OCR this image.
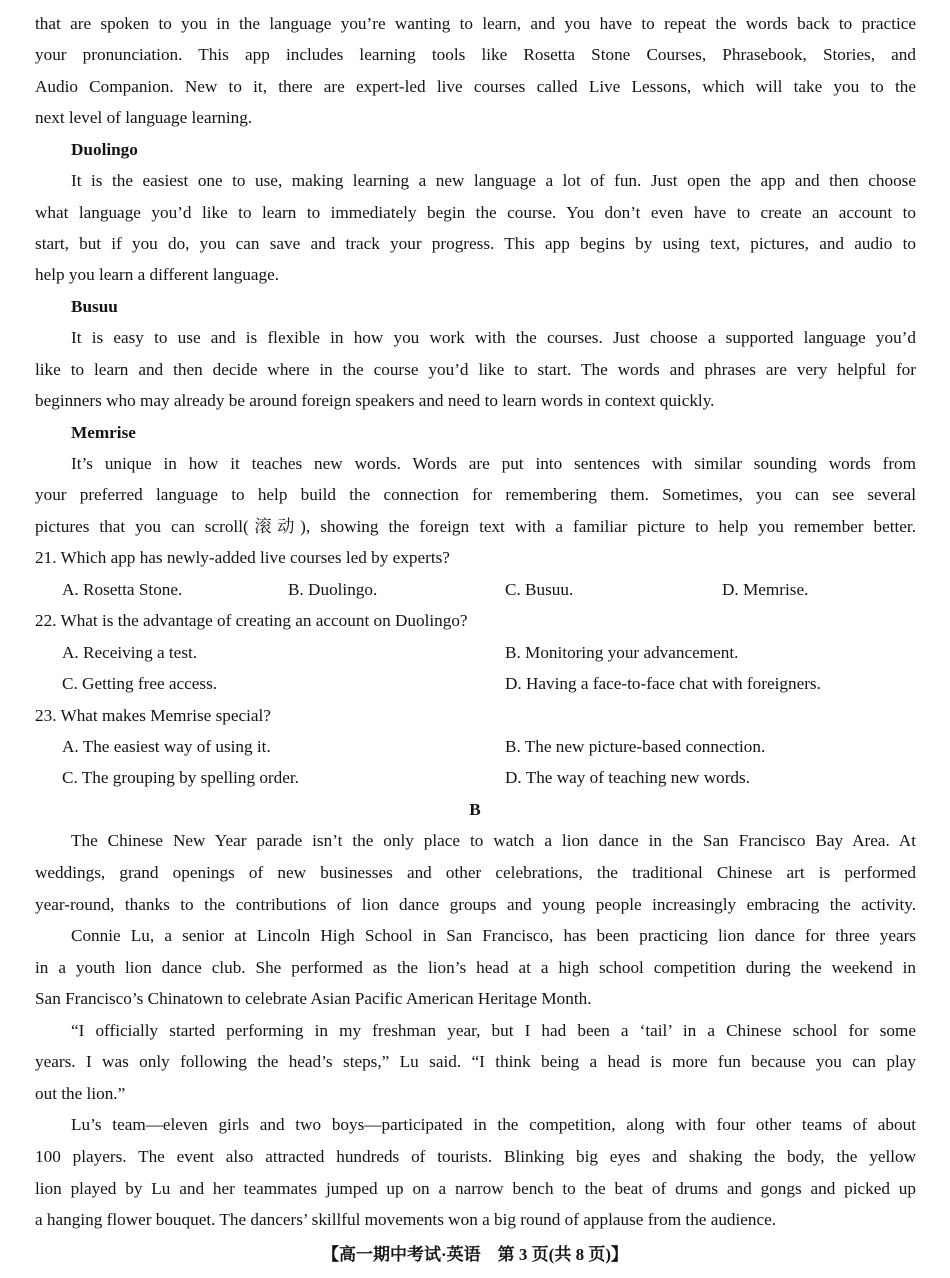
that are spoken to you in the language you’re wanting to learn, and you have to repeat the words back to practice
your pronunciation. This app includes learning tools like Rosetta Stone Courses, Phrasebook, Stories, and
Audio Companion. New to it, there are expert-led live courses called Live Lessons, which will take you to the
next level of language learning.
Duolingo
It is the easiest one to use, making learning a new language a lot of fun. Just open the app and then choose
what language you’d like to learn to immediately begin the course. You don’t even have to create an account to
start, but if you do, you can save and track your progress. This app begins by using text, pictures, and audio to
help you learn a different language.
Busuu
It is easy to use and is flexible in how you work with the courses. Just choose a supported language you’d
like to learn and then decide where in the course you’d like to start. The words and phrases are very helpful for
beginners who may already be around foreign speakers and need to learn words in context quickly.
Memrise
It’s unique in how it teaches new words. Words are put into sentences with similar sounding words from
your preferred language to help build the connection for remembering them. Sometimes, you can see several
pictures that you can scroll(滚动), showing the foreign text with a familiar picture to help you remember better.
21. Which app has newly-added live courses led by experts?
A. Rosetta Stone.	B. Duolingo.	C. Busuu.	D. Memrise.
22. What is the advantage of creating an account on Duolingo?
A. Receiving a test.	B. Monitoring your advancement.
C. Getting free access.	D. Having a face-to-face chat with foreigners.
23. What makes Memrise special?
A. The easiest way of using it.	B. The new picture-based connection.
C. The grouping by spelling order.	D. The way of teaching new words.
B
The Chinese New Year parade isn’t the only place to watch a lion dance in the San Francisco Bay Area. At
weddings, grand openings of new businesses and other celebrations, the traditional Chinese art is performed
year-round, thanks to the contributions of lion dance groups and young people increasingly embracing the activity.
Connie Lu, a senior at Lincoln High School in San Francisco, has been practicing lion dance for three years
in a youth lion dance club. She performed as the lion’s head at a high school competition during the weekend in
San Francisco’s Chinatown to celebrate Asian Pacific American Heritage Month.
“I officially started performing in my freshman year, but I had been a ‘tail’ in a Chinese school for some
years. I was only following the head’s steps,” Lu said. “I think being a head is more fun because you can play
out the lion.”
Lu’s team—eleven girls and two boys—participated in the competition, along with four other teams of about
100 players. The event also attracted hundreds of tourists. Blinking big eyes and shaking the body, the yellow
lion played by Lu and her teammates jumped up on a narrow bench to the beat of drums and gongs and picked up
a hanging flower bouquet. The dancers’ skillful movements won a big round of applause from the audience.
【高一期中考试·英语　第 3 页(共 8 页)】
